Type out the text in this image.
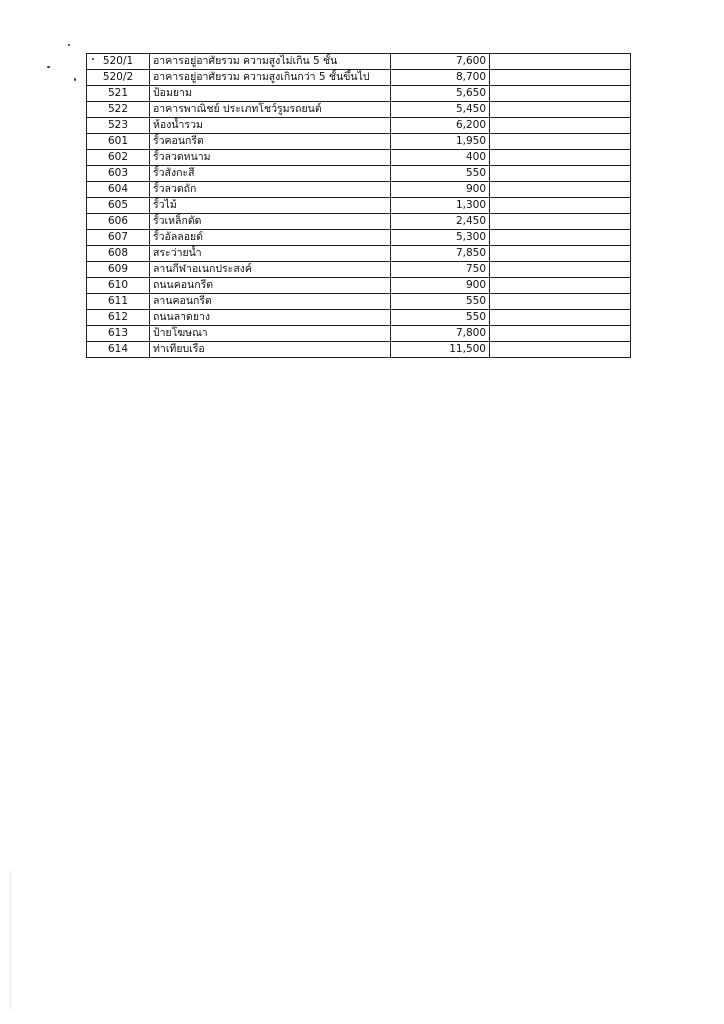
520/1	อาคารอยู่อาศัยรวม ความสูงไม่เกิน 5 ชั้น	7,600	
520/2	อาคารอยู่อาศัยรวม ความสูงเกินกว่า 5 ชั้นขึ้นไป	8,700	
521	ป้อมยาม	5,650	
522	อาคารพาณิชย์ ประเภทโชว์รูมรถยนต์	5,450	
523	ห้องน้ำรวม	6,200	
601	รั้วคอนกรีต	1,950	
602	รั้วลวดหนาม	400	
603	รั้วสังกะสี	550	
604	รั้วลวดถัก	900	
605	รั้วไม้	1,300	
606	รั้วเหล็กดัด	2,450	
607	รั้วอัลลอยด์	5,300	
608	สระว่ายน้ำ	7,850	
609	ลานกีฬาอเนกประสงค์	750	
610	ถนนคอนกรีต	900	
611	ลานคอนกรีต	550	
612	ถนนลาดยาง	550	
613	ป้ายโฆษณา	7,800	
614	ท่าเทียบเรือ	11,500	
